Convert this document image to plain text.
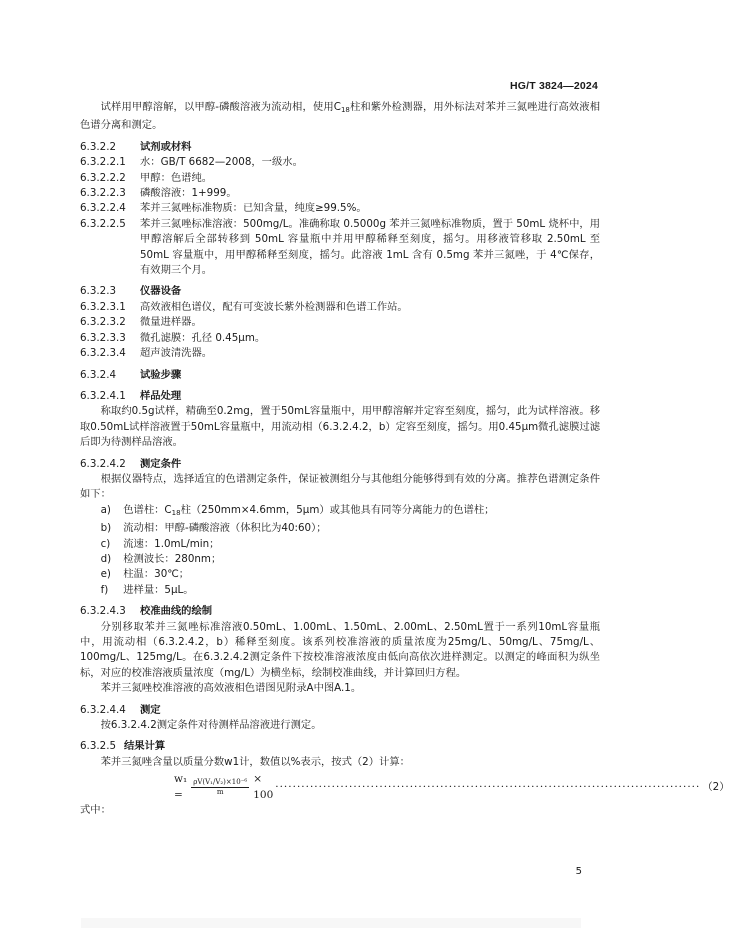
HG/T 3824—2024

试样用甲醇溶解，以甲醇-磷酸溶液为流动相，使用$C_{18}$柱和紫外检测器，用外标法对苯并三氮唑进行高效液相色谱分离和测定。

6.3.2.2 试剂或材料
6.3.2.2.1	水：GB/T 6682—2008，一级水。
6.3.2.2.2	甲醇：色谱纯。
6.3.2.2.3	磷酸溶液：1+999。
6.3.2.2.4	苯并三氮唑标准物质：已知含量，纯度≥99.5%。
6.3.2.2.5	苯并三氮唑标准溶液：500mg/L。准确称取 0.5000g 苯并三氮唑标准物质，置于 50mL 烧杯中，用甲醇溶解后全部转移到 50mL 容量瓶中并用甲醇稀释至刻度，摇匀。用移液管移取 2.50mL 至 50mL 容量瓶中，用甲醇稀释至刻度，摇匀。此溶液 1mL 含有 0.5mg 苯并三氮唑，于 4℃保存，有效期三个月。
6.3.2.3 仪器设备
6.3.2.3.1	高效液相色谱仪，配有可变波长紫外检测器和色谱工作站。
6.3.2.3.2	微量进样器。
6.3.2.3.3	微孔滤膜：孔径 0.45μm。
6.3.2.3.4	超声波清洗器。
6.3.2.4 试验步骤
6.3.2.4.1 样品处理

称取约0.5g试样，精确至0.2mg，置于50mL容量瓶中，用甲醇溶解并定容至刻度，摇匀，此为试样溶液。移取0.50mL试样溶液置于50mL容量瓶中，用流动相（6.3.2.4.2，b）定容至刻度，摇匀。用0.45μm微孔滤膜过滤后即为待测样品溶液。

6.3.2.4.2 测定条件

根据仪器特点，选择适宜的色谱测定条件，保证被测组分与其他组分能够得到有效的分离。推荐色谱测定条件如下：

a)	色谱柱：$C_{18}$柱（250mm×4.6mm，5μm）或其他具有同等分离能力的色谱柱；
b)	流动相：甲醇-磷酸溶液（体积比为40:60）；
c)	流速：1.0mL/min；
d)	检测波长：280nm；
e)	柱温：30℃；
f)	进样量：5μL。
6.3.2.4.3 校准曲线的绘制

分别移取苯并三氮唑标准溶液0.50mL、1.00mL、1.50mL、2.00mL、2.50mL置于一系列10mL容量瓶中，用流动相（6.3.2.4.2，b）稀释至刻度。该系列校准溶液的质量浓度为25mg/L、50mg/L、75mg/L、100mg/L、125mg/L。在6.3.2.4.2测定条件下按校准溶液浓度由低向高依次进样测定。以测定的峰面积为纵坐标，对应的校准溶液质量浓度（mg/L）为横坐标，绘制校准曲线，并计算回归方程。

苯并三氮唑校准溶液的高效液相色谱图见附录A中图A.1。

6.3.2.4.4 测定

按6.3.2.4.2测定条件对待测样品溶液进行测定。

6.3.2.5 结果计算

苯并三氮唑含量以质量分数w1计，数值以%表示，按式（2）计算：

w₁ =	$\frac{\text{ρV(V₁/V₂)×10⁻⁶}}{m} \times 100$
·································································································· （2）
式中：
5
